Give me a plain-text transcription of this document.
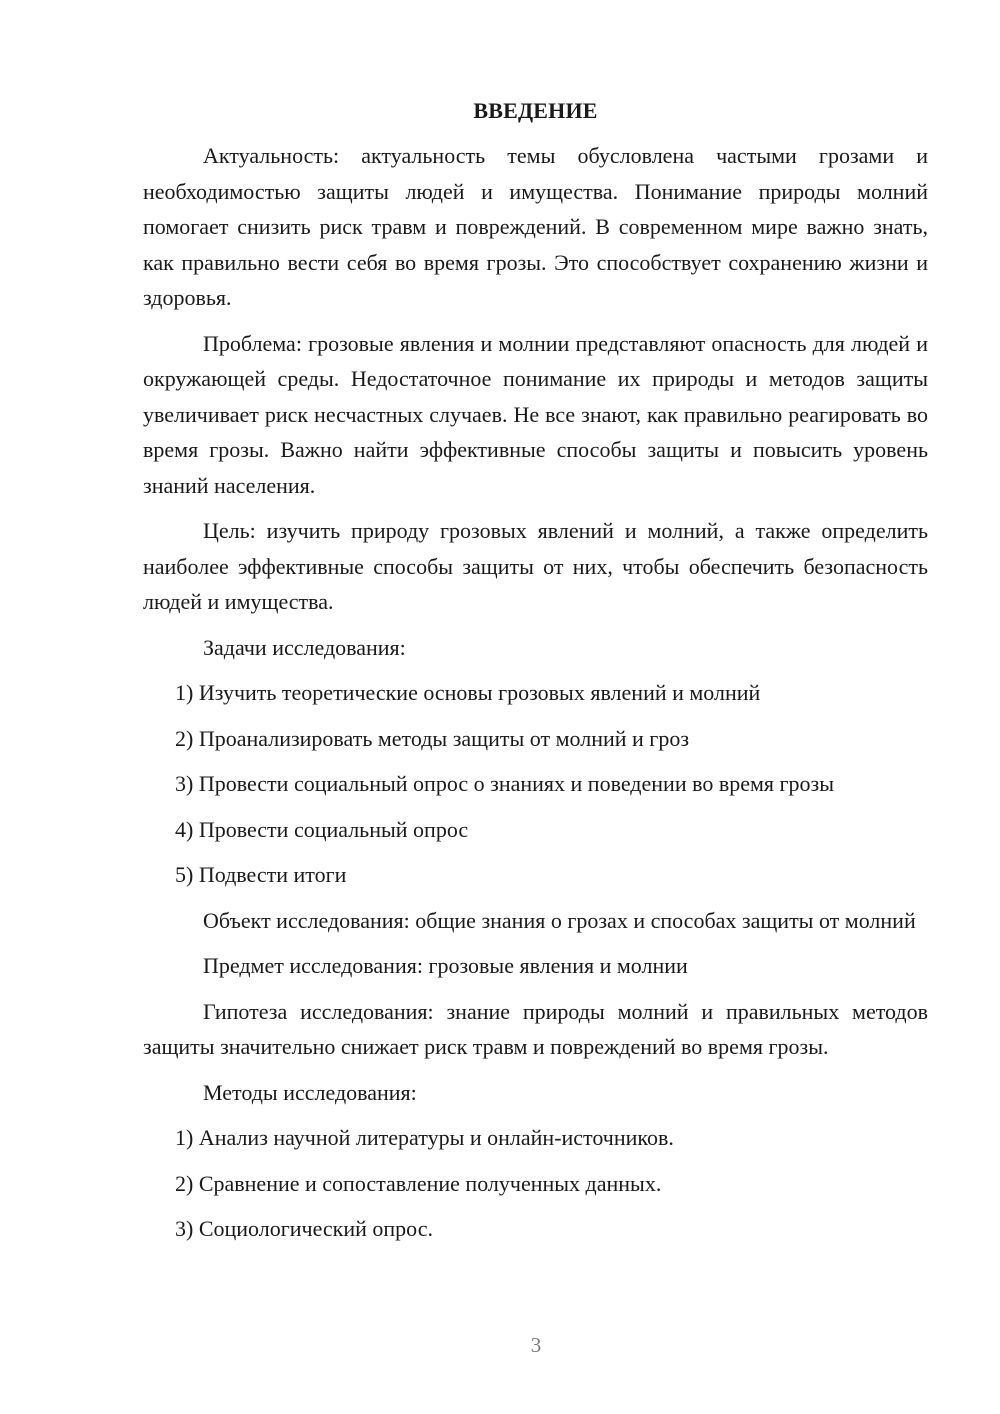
ВВЕДЕНИЕ

Актуальность: актуальность темы обусловлена частыми грозами и необходимостью защиты людей и имущества. Понимание природы молний помогает снизить риск травм и повреждений. В современном мире важно знать, как правильно вести себя во время грозы. Это способствует сохранению жизни и здоровья.

Проблема: грозовые явления и молнии представляют опасность для людей и окружающей среды. Недостаточное понимание их природы и методов защиты увеличивает риск несчастных случаев. Не все знают, как правильно реагировать во время грозы. Важно найти эффективные способы защиты и повысить уровень знаний населения.

Цель: изучить природу грозовых явлений и молний, а также определить наиболее эффективные способы защиты от них, чтобы обеспечить безопасность людей и имущества.

Задачи исследования:

1) Изучить теоретические основы грозовых явлений и молний

2) Проанализировать методы защиты от молний и гроз

3) Провести социальный опрос о знаниях и поведении во время грозы

4) Провести социальный опрос

5) Подвести итоги

Объект исследования: общие знания о грозах и способах защиты от молний

Предмет исследования: грозовые явления и молнии

Гипотеза исследования: знание природы молний и правильных методов защиты значительно снижает риск травм и повреждений во время грозы.

Методы исследования:

1) Анализ научной литературы и онлайн-источников.

2) Сравнение и сопоставление полученных данных.

3) Социологический опрос.

3
